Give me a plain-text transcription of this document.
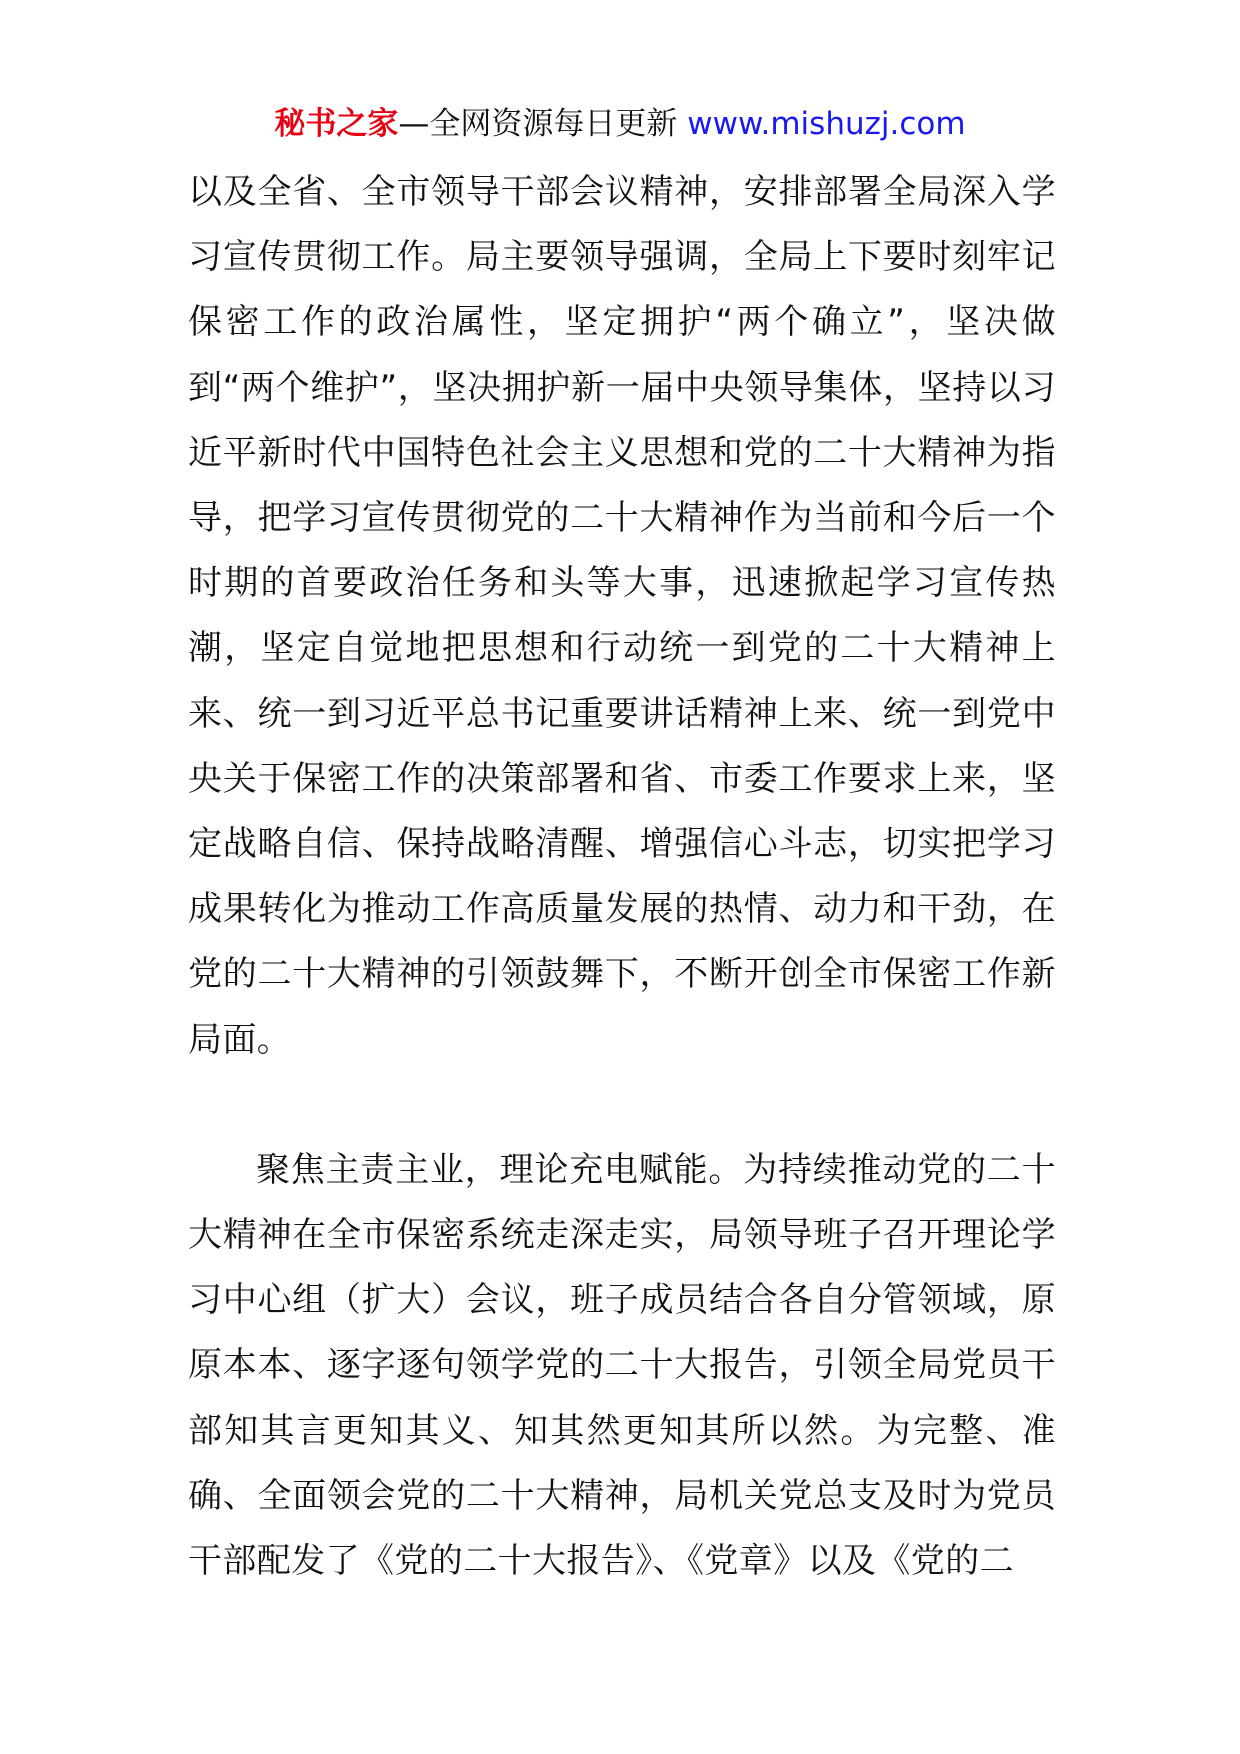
秘书之家—全网资源每日更新 www.mishuzj.com

以及全省、全市领导干部会议精神，安排部署全局深入学习宣传贯彻工作。局主要领导强调，全局上下要时刻牢记保密工作的政治属性，坚定拥护“两个确立”，坚决做到“两个维护”，坚决拥护新一届中央领导集体，坚持以习近平新时代中国特色社会主义思想和党的二十大精神为指导，把学习宣传贯彻党的二十大精神作为当前和今后一个时期的首要政治任务和头等大事，迅速掀起学习宣传热潮，坚定自觉地把思想和行动统一到党的二十大精神上来、统一到习近平总书记重要讲话精神上来、统一到党中央关于保密工作的决策部署和省、市委工作要求上来，坚定战略自信、保持战略清醒、增强信心斗志，切实把学习成果转化为推动工作高质量发展的热情、动力和干劲，在党的二十大精神的引领鼓舞下，不断开创全市保密工作新局面。

聚焦主责主业，理论充电赋能。为持续推动党的二十大精神在全市保密系统走深走实，局领导班子召开理论学习中心组（扩大）会议，班子成员结合各自分管领域，原原本本、逐字逐句领学党的二十大报告，引领全局党员干部知其言更知其义、知其然更知其所以然。为完整、准确、全面领会党的二十大精神，局机关党总支及时为党员干部配发了《党的二十大报告》、《党章》以及《党的二
